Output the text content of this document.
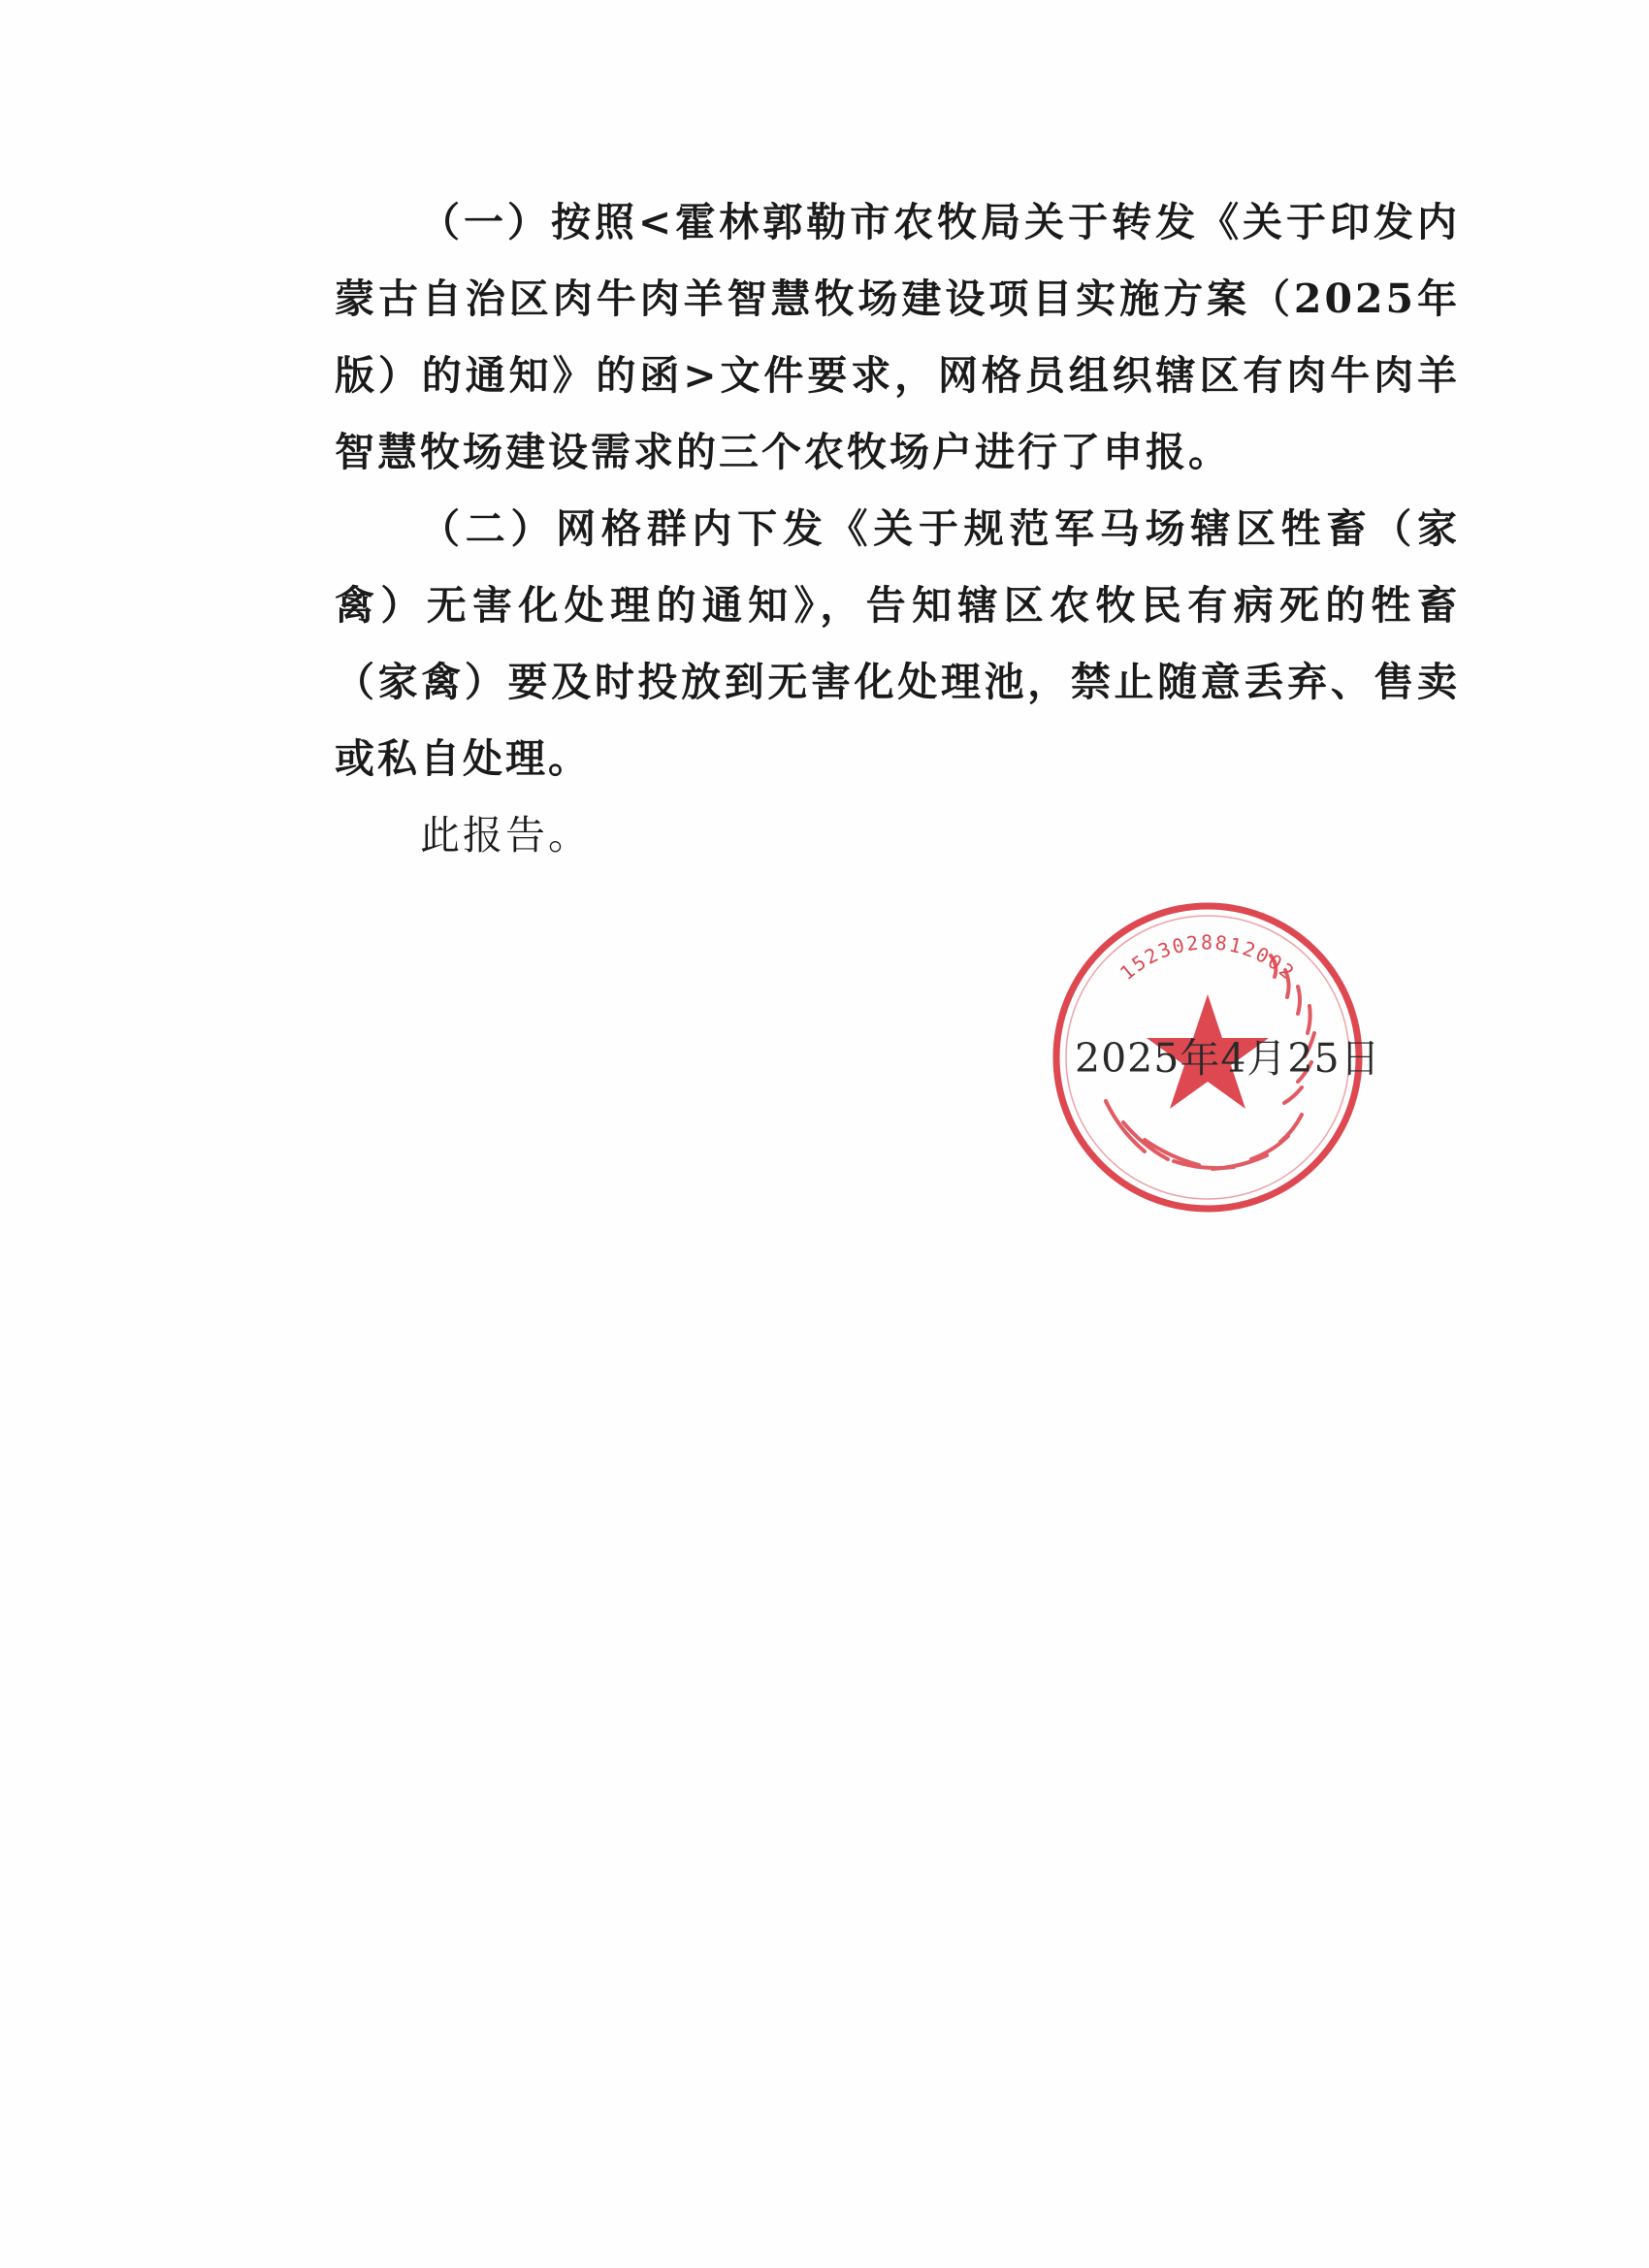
（一）按照<霍林郭勒市农牧局关于转发《关于印发内蒙古自治区肉牛肉羊智慧牧场建设项目实施方案（2025年版）的通知》的函>文件要求，网格员组织辖区有肉牛肉羊智慧牧场建设需求的三个农牧场户进行了申报。

（二）网格群内下发《关于规范军马场辖区牲畜（家禽）无害化处理的通知》，告知辖区农牧民有病死的牲畜（家禽）要及时投放到无害化处理池，禁止随意丢弃、售卖或私自处理。

此报告。

1523028812002
2025年4月25日
